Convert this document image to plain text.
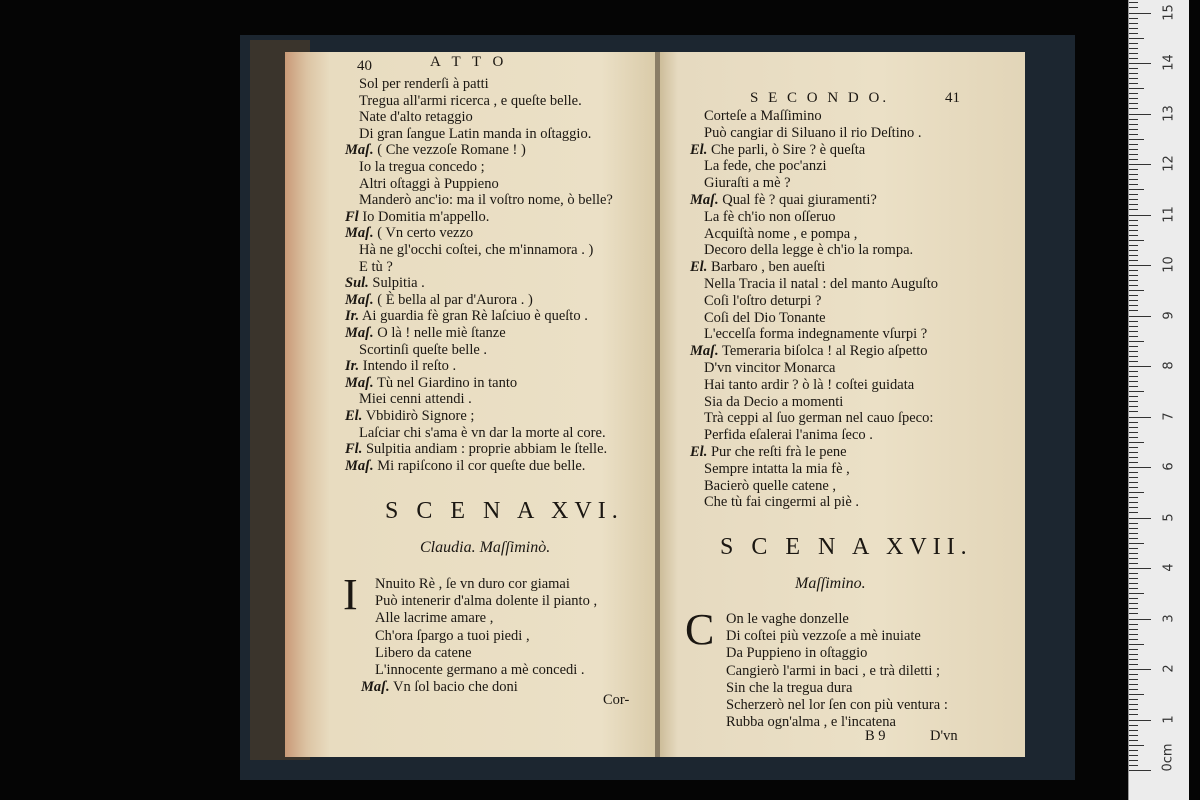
40	A T T O
Sol per renderſi à patti
Tregua all'armi ricerca , e queſte belle.
Nate d'alto retaggio
Di gran ſangue Latin manda in oſtaggio.
Maſ. ( Che vezzoſe Romane ! )
Io la tregua concedo ;
Altri oſtaggi à Puppieno
Manderò anc'io: ma il voſtro nome, ò belle?
Fl Io Domitia m'appello.
Maſ. ( Vn certo vezzo
Hà ne gl'occhi coſtei, che m'innamora . )
E tù ?
Sul. Sulpitia .
Maſ. ( È bella al par d'Aurora . )
Ir. Ai guardia fè gran Rè laſciuo è queſto .
Maſ. O là ! nelle miè ſtanze
Scortinſi queſte belle .
Ir. Intendo il reſto .
Maſ. Tù nel Giardino in tanto
Miei cenni attendi .
El. Vbbidirò Signore ;
Laſciar chi s'ama è vn dar la morte al core.
Fl. Sulpitia andiam : proprie abbiam le ſtelle.
Maſ. Mi rapiſcono il cor queſte due belle.
S C E N A XVI.
Claudia. Maſſiminò.
I	Nnuito Rè , ſe vn duro cor giamai
Può intenerir d'alma dolente il pianto ,
Alle lacrime amare ,
Ch'ora ſpargo a tuoi piedi ,
Libero da catene
L'innocente germano a mè concedi .
Maſ. Vn ſol bacio che doni
Cor-
S E C O N D O.	41
Corteſe a Maſſimino
Può cangiar di Siluano il rio Deſtino .
El. Che parli, ò Sire ? è queſta
La fede, che poc'anzi
Giuraſti a mè ?
Maſ. Qual fè ? quai giuramenti?
La fè ch'io non oſſeruo
Acquiſtà nome , e pompa ,
Decoro della legge è ch'io la rompa.
El. Barbaro , ben aueſti
Nella Tracia il natal : del manto Auguſto
Coſi l'oſtro deturpi ?
Coſi del Dio Tonante
L'eccelſa forma indegnamente vſurpi ?
Maſ. Temeraria biſolca ! al Regio aſpetto
D'vn vincitor Monarca
Hai tanto ardir ? ò là ! coſtei guidata
Sia da Decio a momenti
Trà ceppi al ſuo german nel cauo ſpeco:
Perfida eſalerai l'anima ſeco .
El. Pur che reſti frà le pene
Sempre intatta la mia fè ,
Bacierò quelle catene ,
Che tù fai cingermi al piè .
S C E N A XVII.
Maſſimino.
C On le vaghe donzelle
Di coſtei più vezzoſe a mè inuiate
Da Puppieno in oſtaggio
Cangierò l'armi in baci , e trà diletti ;
Sin che la tregua dura
Scherzerò nel lor ſen con più ventura :
Rubba ogn'alma , e l'incatena
B 9	D'vn
0cm
1
2
3
4
5
6
7
8
9
10
11
12
13
14
15
